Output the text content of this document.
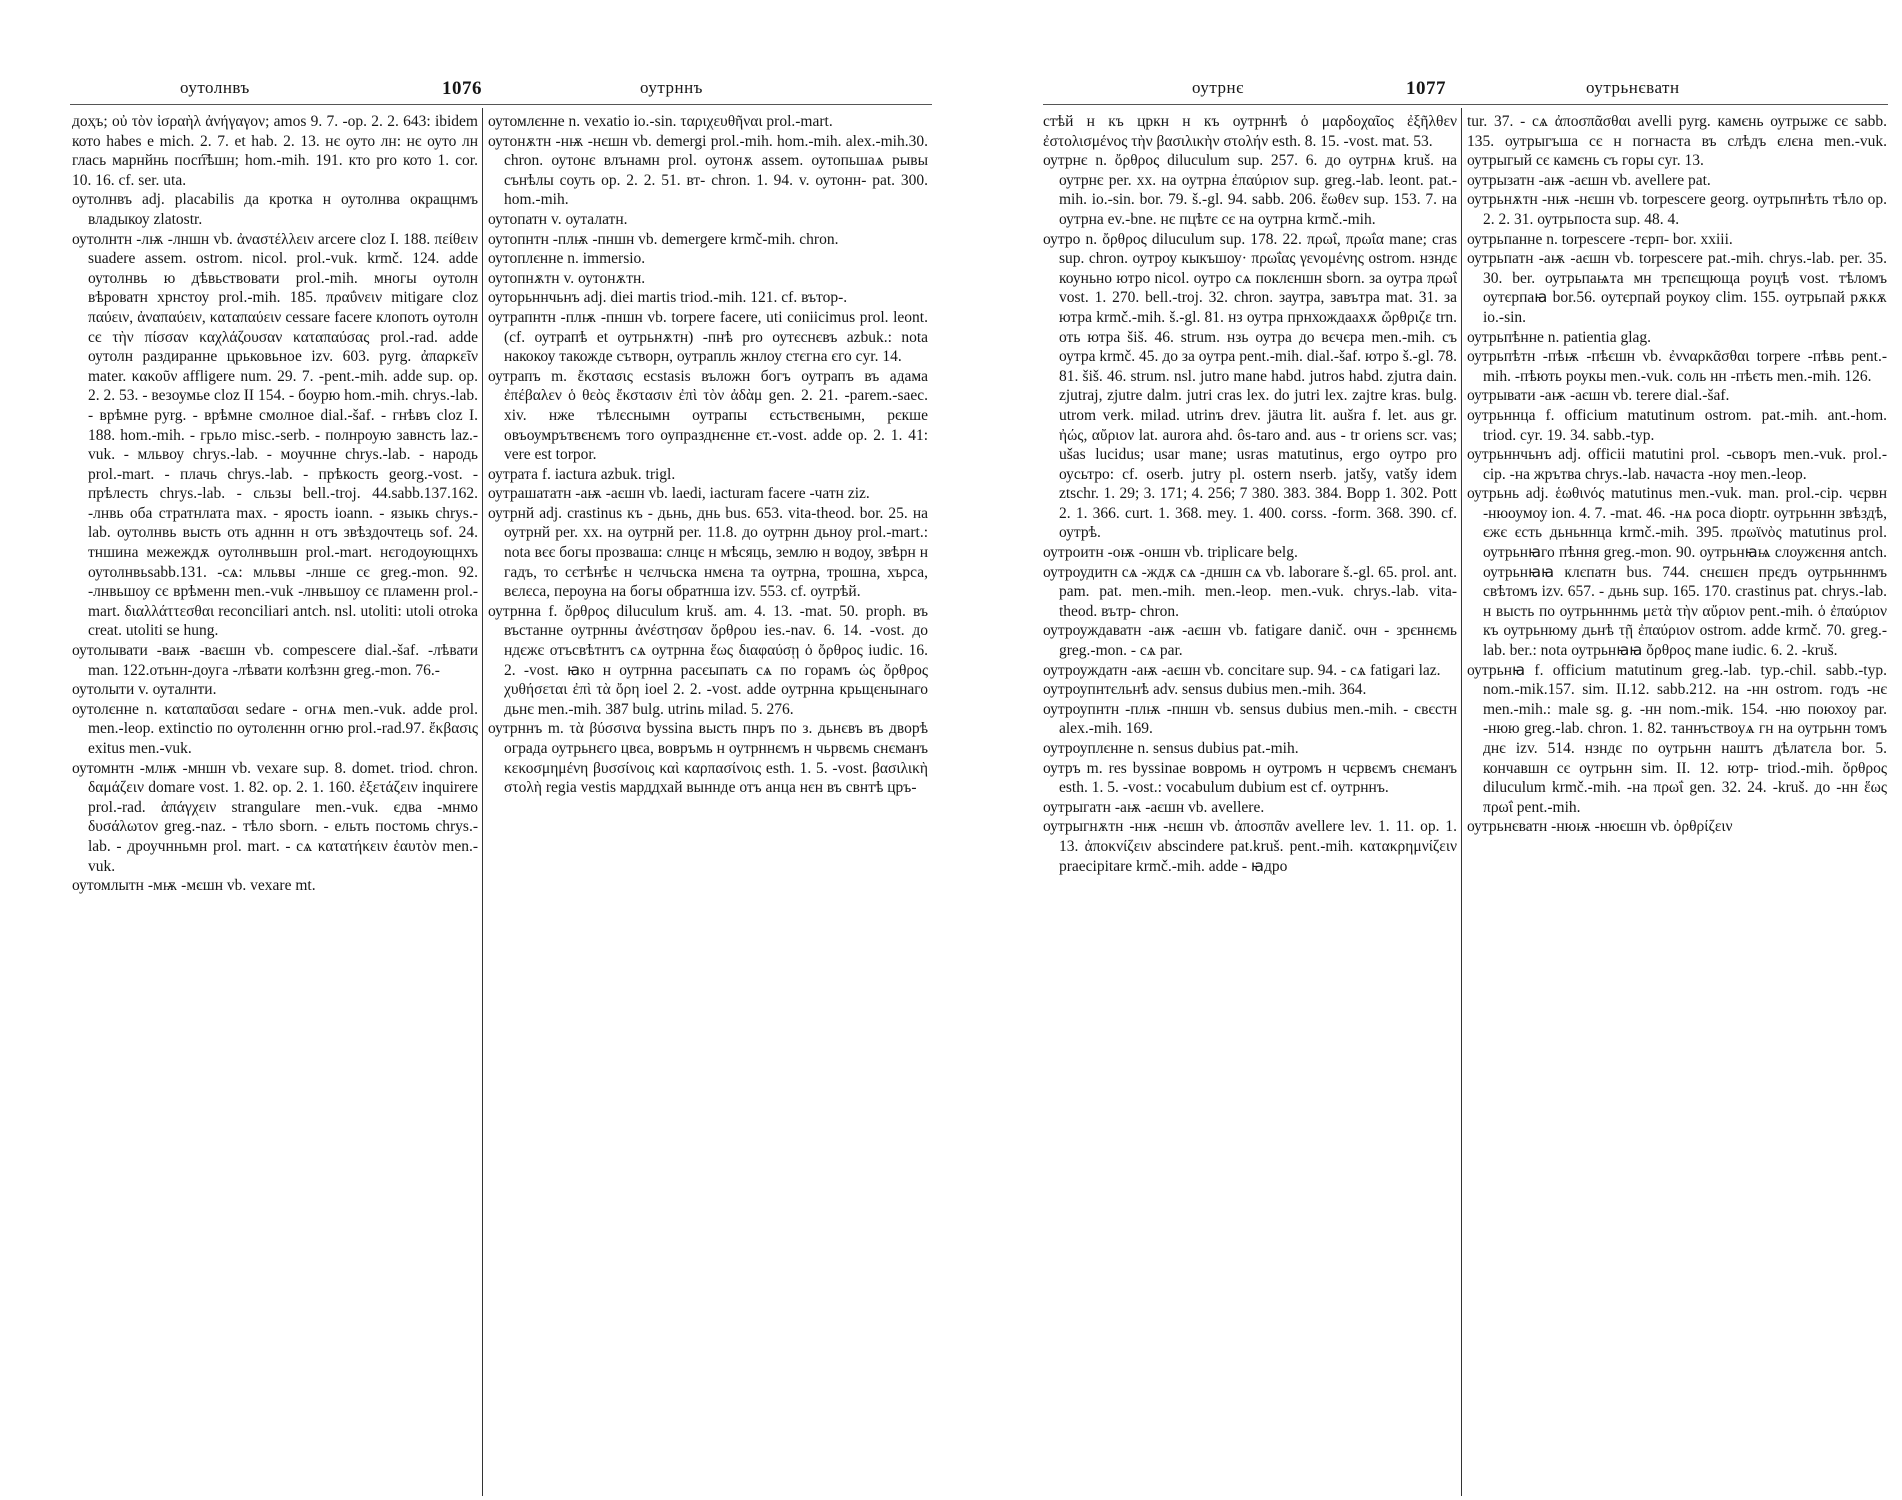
оутолнвъ	1076	оутрннъ

доҳъ; οὐ τὸν ἰσραὴλ ἀνήγαγον; amos 9. 7. -op. 2. 2. 643: ibidem кото habes e mich. 2. 7. et hab. 2. 13. нє оуто лн: нє оуто лн глась марнйнь посп҇ѣшн; hom.-mih. 191. кто pro кото 1. cor. 10. 16. cf. ser. uta.

оутолнвъ adj. placabilis да кротка н оутолнва окращнмъ владыкоу zlatostr.

оутолнтн -лѭ -лншн vb. ἀναστέλλειν arcere cloz I. 188. πείθειν suadere assem. ostrom. nicol. prol.-vuk. krmč. 124. adde оутолнвь ю дѣвьствовати prol.-mih. многы оутолн вѣроватн хрнстоу prol.-mih. 185. πραΰνειν mitigare cloz παύειν, ἀναπαύειν, καταπαύειν cessare facere клопоть оутолн сє τὴν πίσσαν καχλάζουσαν καταπαύσας prol.-rad. adde оутолн раздиранне црьковьное izv. 603. pyrg. ἀπαρκεῖν mater. κακοῦν affligere num. 29. 7. -pent.-mih. adde sup. op. 2. 2. 53. - везоумье cloz II 154. - боурю hom.-mih. chrys.-lab. - врѣмне pyrg. - врѣмне смолное dial.-šaf. - гнѣвъ cloz I. 188. hom.-mih. - грьло misc.-serb. - полнроую завнсть laz.-vuk. - мльвоу chrys.-lab. - моучнне chrys.-lab. - народь prol.-mart. - плачь chrys.-lab. - прѣкость georg.-vost. - прѣлесть chrys.-lab. - сльзы bell.-troj. 44.sabb.137.162. -лнвь оба стратнлата max. - ярость ioann. - языкь chrys.-lab. оутолнвь высть оть адннн н отъ звѣздочтець sof. 24. тншина межеждѫ оутолнвьшн prol.-mart. нєгодоующнхъ оутолнвьsabb.131. -сѧ: мльвы -лнше сє greg.-mon. 92. -лнвьшоу сє врѣменн men.-vuk -лнвьшоу сє пламенн prol.-mart. διαλλάττεσθαι reconciliari antch. nsl. utoliti: utoli otroka creat. utoliti se hung.

оутолывати -ваѭ -ваєшн vb. compescere dial.-šaf. -лѣвати man. 122.отьнн-доуга -лѣвати колѣзнн greg.-mon. 76.-

оутолыти v. оуталнти.

оутолєнне n. καταπαῦσαι sedare - огнѧ men.-vuk. adde prol. men.-leop. extinctio по оутолєннн огню prol.-rad.97. ἔκβασις exitus men.-vuk.

оутомнтн -млѭ -мншн vb. vexare sup. 8. domet. triod. chron. δαμάζειν domare vost. 1. 82. op. 2. 1. 160. ἐξετάζειν inquirere prol.-rad. ἀπάγχειν strangulare men.-vuk. єдва -мнмо δυσάλωτον greg.-naz. - тѣло sborn. - ельть постомь chrys.-lab. - дроучнньмн prol. mart. - сѧ κατατήκειν ἑαυτὸν men.-vuk.

оутомлытн -мѭ -мєшн vb. vexare mt.

оутомлєнне n. vexatio io.-sin. ταριχευθῆναι prol.-mart.

оутонѫтн -нѭ -нєшн vb. demergi prol.-mih. hom.-mih. alex.-mih.30. chron. оутонє влънамн prol. оутонѫ assem. оутопьшаѧ рывы сънѣлы соуть op. 2. 2. 51. вт- chron. 1. 94. v. оутонн- pat. 300. hom.-mih.

оутопатн v. оуталатн.

оутопнтн -плѭ -пншн vb. demergere krmč-mih. chron.

оутоплєнне n. immersio.

оутопнѫтн v. оутонѫтн.

оуторьннчьнъ adj. diei martis triod.-mih. 121. cf. вътор-.

оутрапнтн -плѭ -пншн vb. torpere facere, uti coniicimus prol. leont. (cf. оутрапѣ et оутрьнѫтн) -пнѣ pro оутєснєвъ azbuk.: nota накокоу такожде сътворн, оутрапль жнлоу стєгна єго cyr. 14.

оутрапъ m. ἔκστασις ecstasis въложн богъ оутрапъ въ адама ἐπέβαλεν ὁ θεὸς ἔκστασιν ἐπὶ τὸν ἀδὰμ gen. 2. 21. -parem.-saec. xiv. нже тѣлєснымн оутрапы єстьствєнымн, рєкше овъоумрътвєнємъ того оупразднєнне єт.-vost. adde op. 2. 1. 41: vere est torpor.

оутрата f. iactura azbuk. trigl.

оутрашататн -аѭ -аєшн vb. laedi, iacturam facere -чатн ziz.

оутрнй adj. crastinus къ - дьнь, днь bus. 653. vita-theod. bor. 25. на оутрнй per. xx. на оутрнй per. 11.8. до оутрнн дьноу prol.-mart.: nota вєє богы прозваша: слнцє н мѣсяць, землю н водоу, звѣрн н гадъ, то сєтѣнѣє н чєлчьска нмєна та оутрна, трошна, хърса, вєлєса, пероуна на богы обратнша izv. 553. cf. оутрѣй.

оутрнна f. ὄρθρος diluculum kruš. am. 4. 13. -mat. 50. proph. въ въстанне оутрнны ἀνέστησαν ὄρθρου ies.-nav. 6. 14. -vost. до ндєжє отъсвѣтнтъ сѧ оутрнна ἕως διαφαύσῃ ὁ ὄρθρος iudic. 16. 2. -vost. ꙗко н оутрнна расєыпать сѧ по горамъ ὡς ὄρθρος χυθήσεται ἐπὶ τὰ ὄρη ioel 2. 2. -vost. adde оутрнна крьщєнынаго дьнє men.-mih. 387 bulg. utrinь milad. 5. 276.

оутрннъ m. τὰ βύσσινα byssina высть пнръ по з. дьнєвъ въ дворѣ ограда оутрьнєго цвєа, вовръмь н оутрннємъ н чьрвємь снєманъ κεκοσμημένη βυσσίνοις καὶ καρπασίνοις esth. 1. 5. -vost. βασιλικὴ στολὴ regia vestis марддхай выннде отъ анца нєн въ свнтѣ цръ-

оутрнє	1077	оутрьнєватн

стѣй н къ цркн н къ оутрннѣ ὁ μαρδοχαῖος ἐξῆλθεν ἐστολισμένος τὴν βασιλικὴν στολήν esth. 8. 15. -vost. mat. 53.

оутрнє n. ὄρθρος diluculum sup. 257. 6. до оутрнѧ kruš. на оутрнє per. xx. на оутрна ἐπαύριον sup. greg.-lab. leont. pat.-mih. io.-sin. bor. 79. š.-gl. 94. sabb. 206. ἕωθεν sup. 153. 7. на оутрна ev.-bne. нє пцѣтє сє на оутрна krmč.-mih.

оутро n. ὄρθρος diluculum sup. 178. 22. πρωΐ, πρωΐα mane; cras sup. chron. оутроу кыкъшоу· πρωΐας γενομένης ostrom. нзндє коуньно ютро nicol. оутро сѧ поклєншн sborn. за оутра πρωΐ vost. 1. 270. bell.-troj. 32. chron. заутра, завътра mat. 31. за ютра krmč.-mih. š.-gl. 81. нз оутра прнхождаахѫ ὤρθριζε trn. оть ютра šiš. 46. strum. нзь оутра до вєчєра men.-mih. съ оутра krmč. 45. до за оутра pent.-mih. dial.-šaf. ютро š.-gl. 78. 81. šiš. 46. strum. nsl. jutro mane habd. jutros habd. zjutra dain. zjutraj, zjutre dalm. jutri cras lex. do jutri lex. zajtre kras. bulg. utrom verk. milad. utrinъ drev. jäutra lit. aušra f. let. aus gr. ἠώς, αὔριον lat. aurora ahd. ôs-taro and. aus - tr oriens scr. vas; ušas lucidus; usar mane; usras matutinus, ergo оутро pro оусьтро: cf. oserb. jutry pl. ostern nserb. jatšy, vatšy idem ztschr. 1. 29; 3. 171; 4. 256; 7 380. 383. 384. Bopp 1. 302. Pott 2. 1. 366. curt. 1. 368. mey. 1. 400. corss. -form. 368. 390. cf. оутрѣ.

оутроитн -оѭ -оншн vb. triplicare belg.

оутроудитн сѧ -ждѫ сѧ -дншн сѧ vb. laborare š.-gl. 65. prol. ant. pam. pat. men.-mih. men.-leop. men.-vuk. chrys.-lab. vita-theod. вътр- chron.

оутроуждаватн -аѭ -аєшн vb. fatigare danič. очн - зрєннємь greg.-mon. - сѧ par.

оутроуждатн -аѭ -аєшн vb. concitare sup. 94. - сѧ fatigari laz.

оутроупнтєльнѣ adv. sensus dubius men.-mih. 364.

оутроупнтн -плѭ -пншн vb. sensus dubius men.-mih. - свєстн alex.-mih. 169.

оутроуплєнне n. sensus dubius pat.-mih.

оутръ m. res byssinae вовромь н оутромъ н чєрвємъ снєманъ esth. 1. 5. -vost.: vocabulum dubium est cf. оутрннъ.

оутрыгатн -аѭ -аєшн vb. avellere.

оутрыгнѫтн -нѭ -нєшн vb. ἀποσπᾶν avellere lev. 1. 11. op. 1. 13. ἀποκνίζειν abscindere pat.kruš. pent.-mih. κατακρημνίζειν praecipitare krmč.-mih. adde - ꙗдро

tur. 37. - сѧ ἀποσπᾶσθαι avelli pyrg. камєнь оутрыжє сє sabb. 135. оутрыгъша сє н погнаста въ слѣдъ єлєна men.-vuk. оутрыгый сє камєнь съ горы cyr. 13.

оутрызатн -аѭ -аєшн vb. avellere pat.

оутрьнѫтн -нѭ -нєшн vb. torpescere georg. оутрьпнѣть тѣло op. 2. 2. 31. оутрьпоста sup. 48. 4.

оутрьпанне n. torpescere -тєрп- bor. xxiii.

оутрьпатн -аѭ -аєшн vb. torpescere pat.-mih. chrys.-lab. per. 35. 30. ber. оутрьпаѩта мн трєпєщюща роуцѣ vost. тѣломъ оутєрпаꙗ bor.56. оутєрпай роукоу clim. 155. оутрьпай рѫкѫ io.-sin.

оутрьпѣнне n. patientia glag.

оутрьпѣтн -пѣѭ -пѣєшн vb. ἐνναρκᾶσθαι torpere -пѣвь pent.-mih. -пѣють роукы men.-vuk. соль нн -пѣєть men.-mih. 126.

оутрывати -аѭ -аєшн vb. terere dial.-šaf.

оутрьннца f. officium matutinum ostrom. pat.-mih. ant.-hom. triod. cyr. 19. 34. sabb.-typ.

оутрьннчьнъ adj. officii matutini prol. -сьворъ men.-vuk. prol.-cip. -на жрътва chrys.-lab. начаста -ноу men.-leop.

оутрьнь adj. ἑωθινός matutinus men.-vuk. man. prol.-cip. чєрвн -нюоумоу ion. 4. 7. -mat. 46. -нѧ роса dioptr. оутрьннн звѣздѣ, єжє єсть дьньннца krmč.-mih. 395. πρωϊνὸς matutinus prol. оутрьнꙗго пѣння greg.-mon. 90. оутрьнꙗѩ слоужєння antch. оутрьнꙗꙗ клєпатн bus. 744. снєшєн прєдъ оутрьнннмъ свѣтомъ izv. 657. - дьнь sup. 165. 170. crastinus pat. chrys.-lab. н высть по оутрьнннмь μετὰ τὴν αὔριον pent.-mih. ὁ ἐπαύριον къ оутрьнюму дьнѣ τῇ ἐπαύριον ostrom. adde krmč. 70. greg.-lab. ber.: nota оутрьнꙗꙗ ὄρθρος mane iudic. 6. 2. -kruš.

оутрьнꙗ f. officium matutinum greg.-lab. typ.-chil. sabb.-typ. nom.-mik.157. sim. II.12. sabb.212. на -нн ostrom. годъ -нє men.-mih.: male sg. g. -нн nom.-mik. 154. -ню поюхоу par. -нюю greg.-lab. chron. 1. 82. таннъствоуѧ гн на оутрьнн томъ днє izv. 514. нзндє по оутрьнн наштъ дѣлатєла bor. 5. кончавшн сє оутрьнн sim. II. 12. ютр- triod.-mih. ὄρθρος diluculum krmč.-mih. -на πρωΐ gen. 32. 24. -kruš. до -нн ἕως πρωΐ pent.-mih.

оутрьнєватн -нюѭ -нюєшн vb. ὀρθρίζειν
